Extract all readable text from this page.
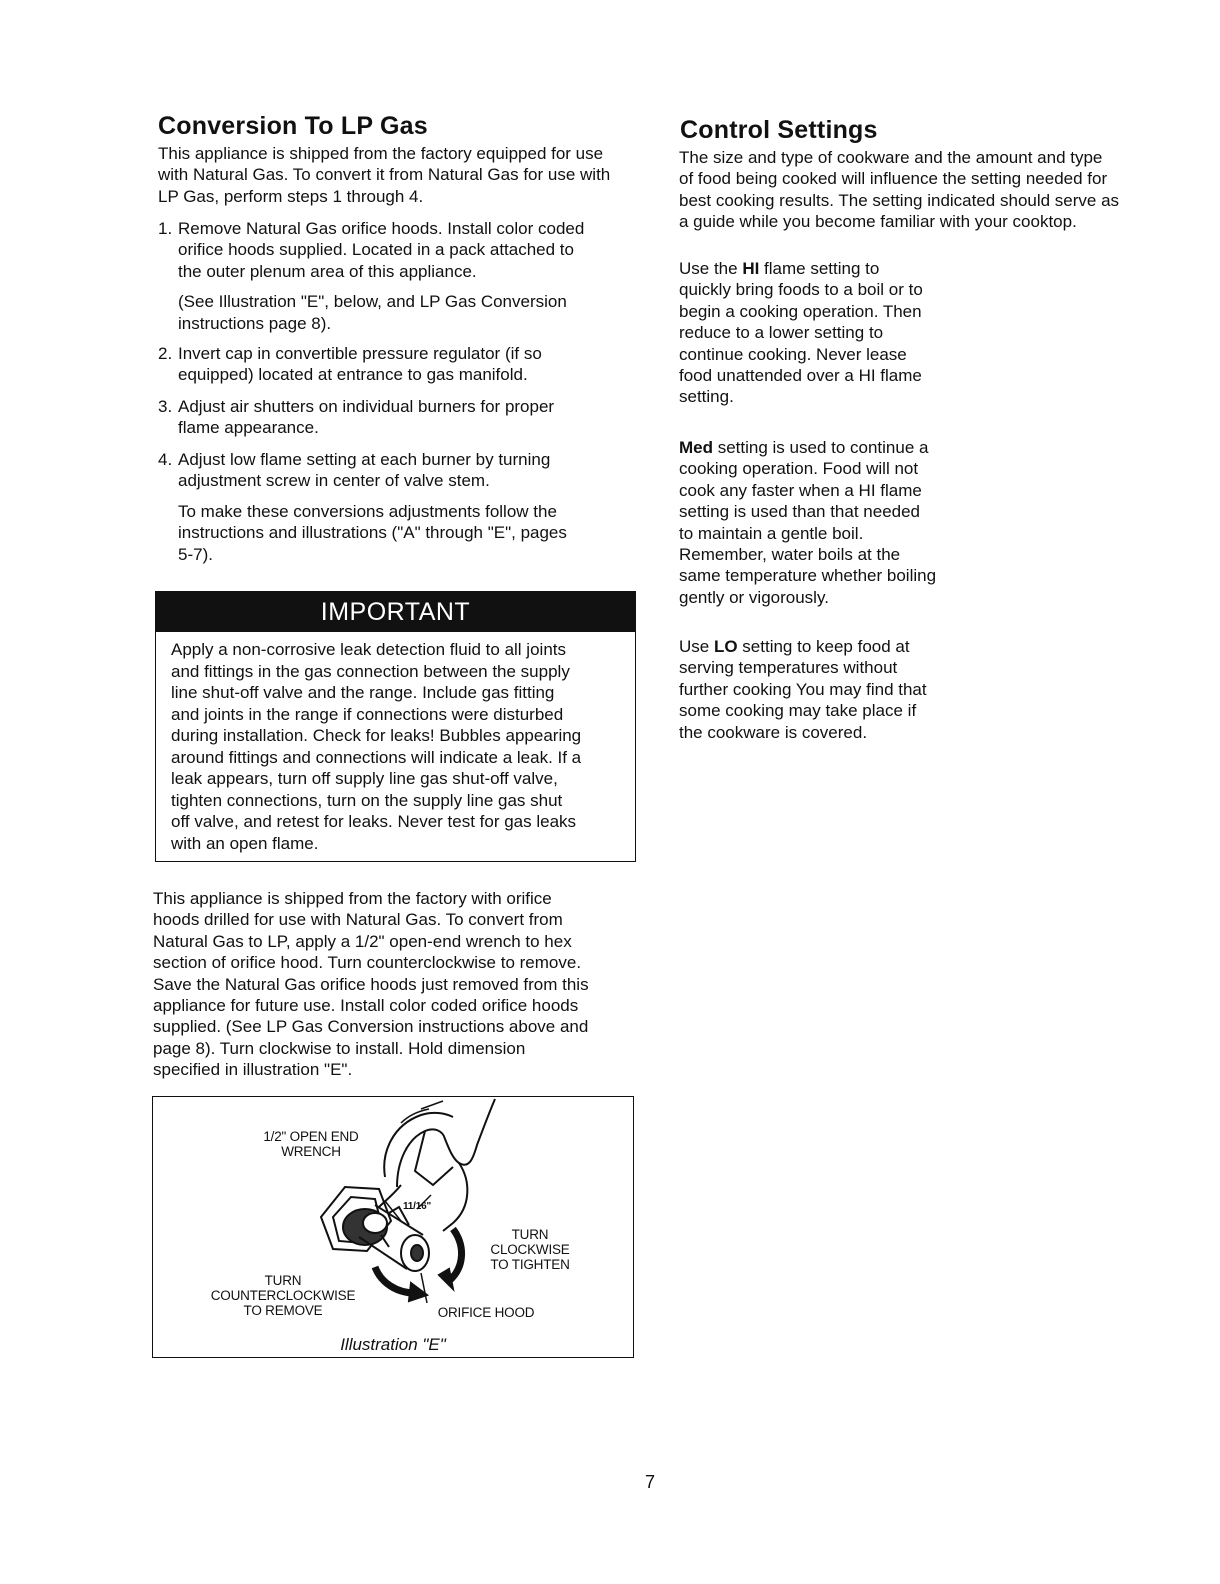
Conversion To LP Gas

This appliance is shipped from the factory equipped for use with Natural Gas. To convert it from Natural Gas for use with LP Gas, perform steps 1 through 4.

1. Remove Natural Gas orifice hoods. Install color coded
orifice hoods supplied. Located in a pack attached to
the outer plenum area of this appliance.
(See Illustration "E", below, and LP Gas Conversion
instructions page 8).
2. Invert cap in convertible pressure regulator (if so
equipped) located at entrance to gas manifold.
3. Adjust air shutters on individual burners for proper
flame appearance.
4. Adjust low flame setting at each burner by turning
adjustment screw in center of valve stem.
To make these conversions adjustments follow the
instructions and illustrations ("A" through "E", pages
5-7).
IMPORTANT
Apply a non-corrosive leak detection fluid to all joints
and fittings in the gas connection between the supply
line shut-off valve and the range. Include gas fitting
and joints in the range if connections were disturbed
during installation. Check for leaks! Bubbles appearing
around fittings and connections will indicate a leak. If a
leak appears, turn off supply line gas shut-off valve,
tighten connections, turn on the supply line gas shut
off valve, and retest for leaks. Never test for gas leaks
with an open flame.
This appliance is shipped from the factory with orifice
hoods drilled for use with Natural Gas. To convert from
Natural Gas to LP, apply a 1/2" open-end wrench to hex
section of orifice hood. Turn counterclockwise to remove.
Save the Natural Gas orifice hoods just removed from this
appliance for future use. Install color coded orifice hoods
supplied. (See LP Gas Conversion instructions above and
page 8). Turn clockwise to install. Hold dimension
specified in illustration "E".
1/2" OPEN END
WRENCH
11/16"
TURN
CLOCKWISE
TO TIGHTEN
TURN
COUNTERCLOCKWISE
TO REMOVE	ORIFICE HOOD
Illustration "E"
Control Settings
The size and type of cookware and the amount and type
of food being cooked will influence the setting needed for
best cooking results. The setting indicated should serve as
a guide while you become familiar with your cooktop.
Use the HI flame setting to
quickly bring foods to a boil or to
begin a cooking operation. Then
reduce to a lower setting to
continue cooking. Never lease
food unattended over a HI flame
setting.
Med setting is used to continue a
cooking operation. Food will not
cook any faster when a HI flame
setting is used than that needed
to maintain a gentle boil.
Remember, water boils at the
same temperature whether boiling
gently or vigorously.
Use LO setting to keep food at
serving temperatures without
further cooking You may find that
some cooking may take place if
the cookware is covered.
7
